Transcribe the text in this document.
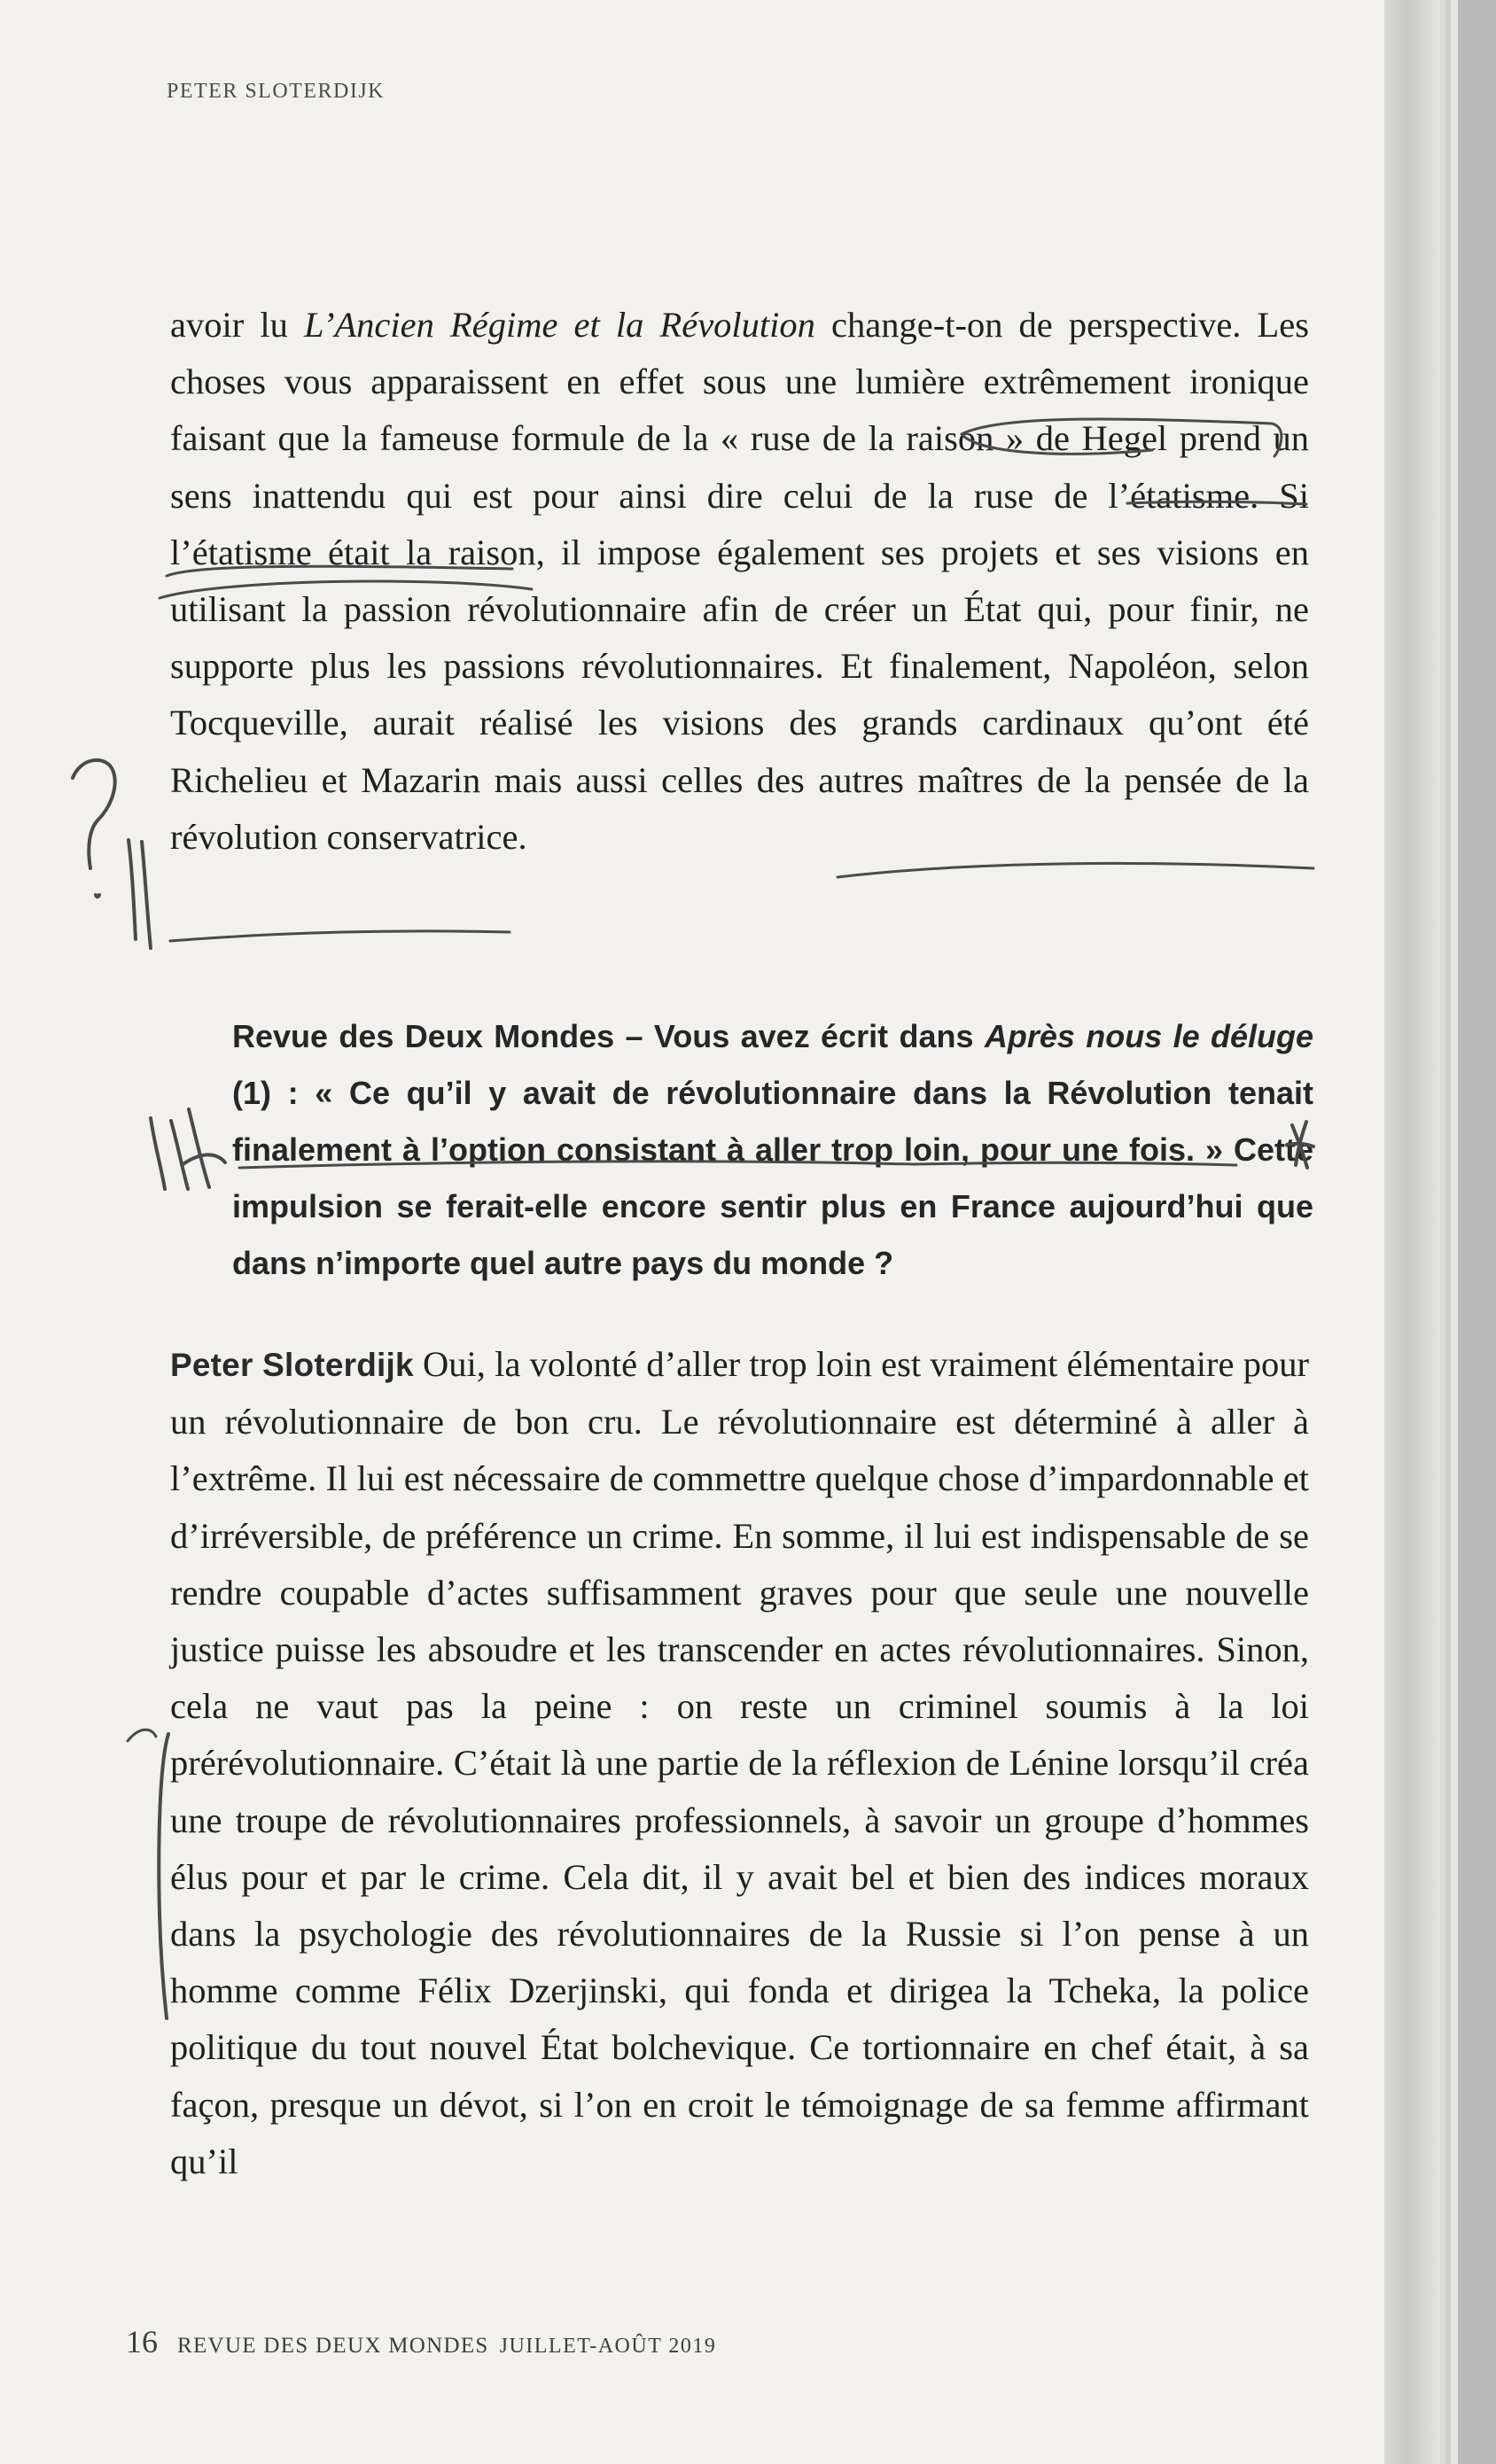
PETER SLOTERDIJK

avoir lu L’Ancien Régime et la Révolution change-t-on de perspective. Les choses vous apparaissent en effet sous une lumière extrêmement ironique faisant que la fameuse formule de la « ruse de la raison » de Hegel prend un sens inattendu qui est pour ainsi dire celui de la ruse de l’étatisme. Si l’étatisme était la raison, il impose également ses projets et ses visions en utilisant la passion révolutionnaire afin de créer un État qui, pour finir, ne supporte plus les passions révolutionnaires. Et finalement, Napoléon, selon Tocqueville, aurait réalisé les visions des grands cardinaux qu’ont été Richelieu et Mazarin mais aussi celles des autres maîtres de la pensée de la révolution conservatrice.

Revue des Deux Mondes – Vous avez écrit dans Après nous le déluge (1) : « Ce qu’il y avait de révolutionnaire dans la Révolution tenait finalement à l’option consistant à aller trop loin, pour une fois. » Cette impulsion se ferait-elle encore sentir plus en France aujourd’hui que dans n’importe quel autre pays du monde ?

Peter Sloterdijk Oui, la volonté d’aller trop loin est vraiment élémentaire pour un révolutionnaire de bon cru. Le révolutionnaire est déterminé à aller à l’extrême. Il lui est nécessaire de commettre quelque chose d’impardonnable et d’irréversible, de préférence un crime. En somme, il lui est indispensable de se rendre coupable d’actes suffisamment graves pour que seule une nouvelle justice puisse les absoudre et les transcender en actes révolutionnaires. Sinon, cela ne vaut pas la peine : on reste un criminel soumis à la loi prérévolutionnaire. C’était là une partie de la réflexion de Lénine lorsqu’il créa une troupe de révolutionnaires professionnels, à savoir un groupe d’hommes élus pour et par le crime. Cela dit, il y avait bel et bien des indices moraux dans la psychologie des révolutionnaires de la Russie si l’on pense à un homme comme Félix Dzerjinski, qui fonda et dirigea la Tcheka, la police politique du tout nouvel État bolchevique. Ce tortionnaire en chef était, à sa façon, presque un dévot, si l’on en croit le témoignage de sa femme affirmant qu’il

16 REVUE DES DEUX MONDES JUILLET-AOÛT 2019
